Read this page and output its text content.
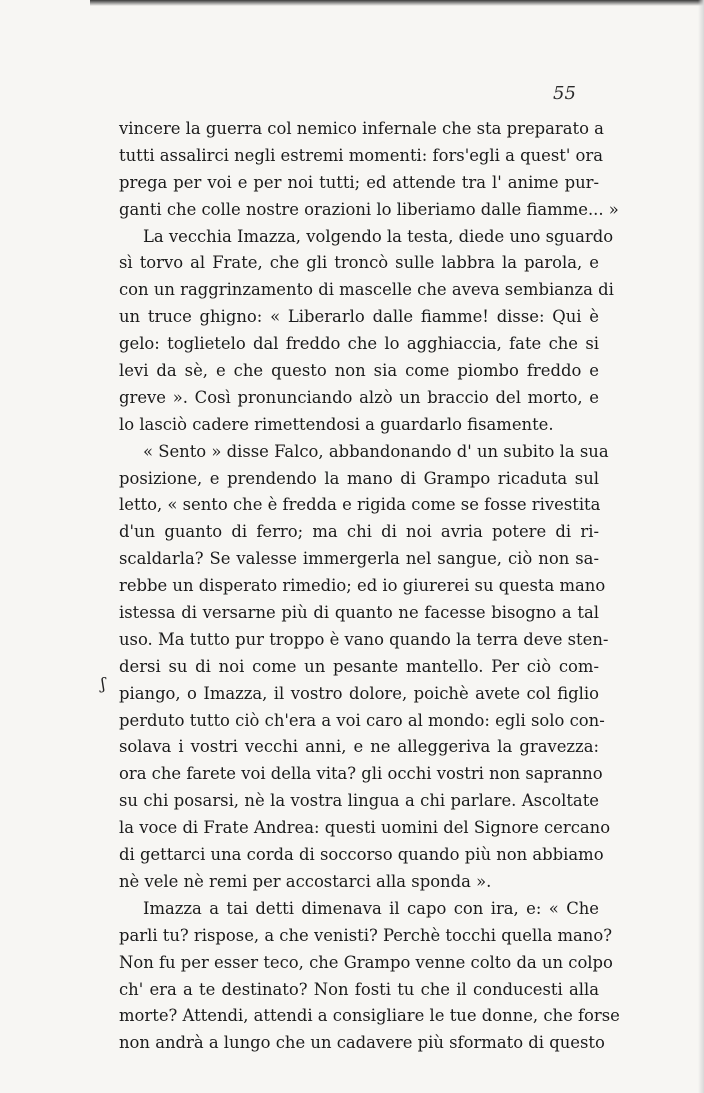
55
ʃ
vincere la guerra col nemico infernale che sta preparato a
tutti assalirci negli estremi momenti: fors'egli a quest' ora
prega per voi e per noi tutti; ed attende tra l' anime pur-
ganti che colle nostre orazioni lo liberiamo dalle fiamme... »
La vecchia Imazza, volgendo la testa, diede uno sguardo
sì torvo al Frate, che gli troncò sulle labbra la parola, e
con un raggrinzamento di mascelle che aveva sembianza di
un truce ghigno: « Liberarlo dalle fiamme! disse: Qui è
gelo: toglietelo dal freddo che lo agghiaccia, fate che si
levi da sè, e che questo non sia come piombo freddo e
greve ». Così pronunciando alzò un braccio del morto, e
lo lasciò cadere rimettendosi a guardarlo fisamente.
« Sento » disse Falco, abbandonando d' un subito la sua
posizione, e prendendo la mano di Grampo ricaduta sul
letto, « sento che è fredda e rigida come se fosse rivestita
d'un guanto di ferro; ma chi di noi avria potere di ri-
scaldarla? Se valesse immergerla nel sangue, ciò non sa-
rebbe un disperato rimedio; ed io giurerei su questa mano
istessa di versarne più di quanto ne facesse bisogno a tal
uso. Ma tutto pur troppo è vano quando la terra deve sten-
dersi su di noi come un pesante mantello. Per ciò com-
piango, o Imazza, il vostro dolore, poichè avete col figlio
perduto tutto ciò ch'era a voi caro al mondo: egli solo con-
solava i vostri vecchi anni, e ne alleggeriva la gravezza:
ora che farete voi della vita? gli occhi vostri non sapranno
su chi posarsi, nè la vostra lingua a chi parlare. Ascoltate
la voce di Frate Andrea: questi uomini del Signore cercano
di gettarci una corda di soccorso quando più non abbiamo
nè vele nè remi per accostarci alla sponda ».
Imazza a tai detti dimenava il capo con ira, e: « Che
parli tu? rispose, a che venisti? Perchè tocchi quella mano?
Non fu per esser teco, che Grampo venne colto da un colpo
ch' era a te destinato? Non fosti tu che il conducesti alla
morte? Attendi, attendi a consigliare le tue donne, che forse
non andrà a lungo che un cadavere più sformato di questo
